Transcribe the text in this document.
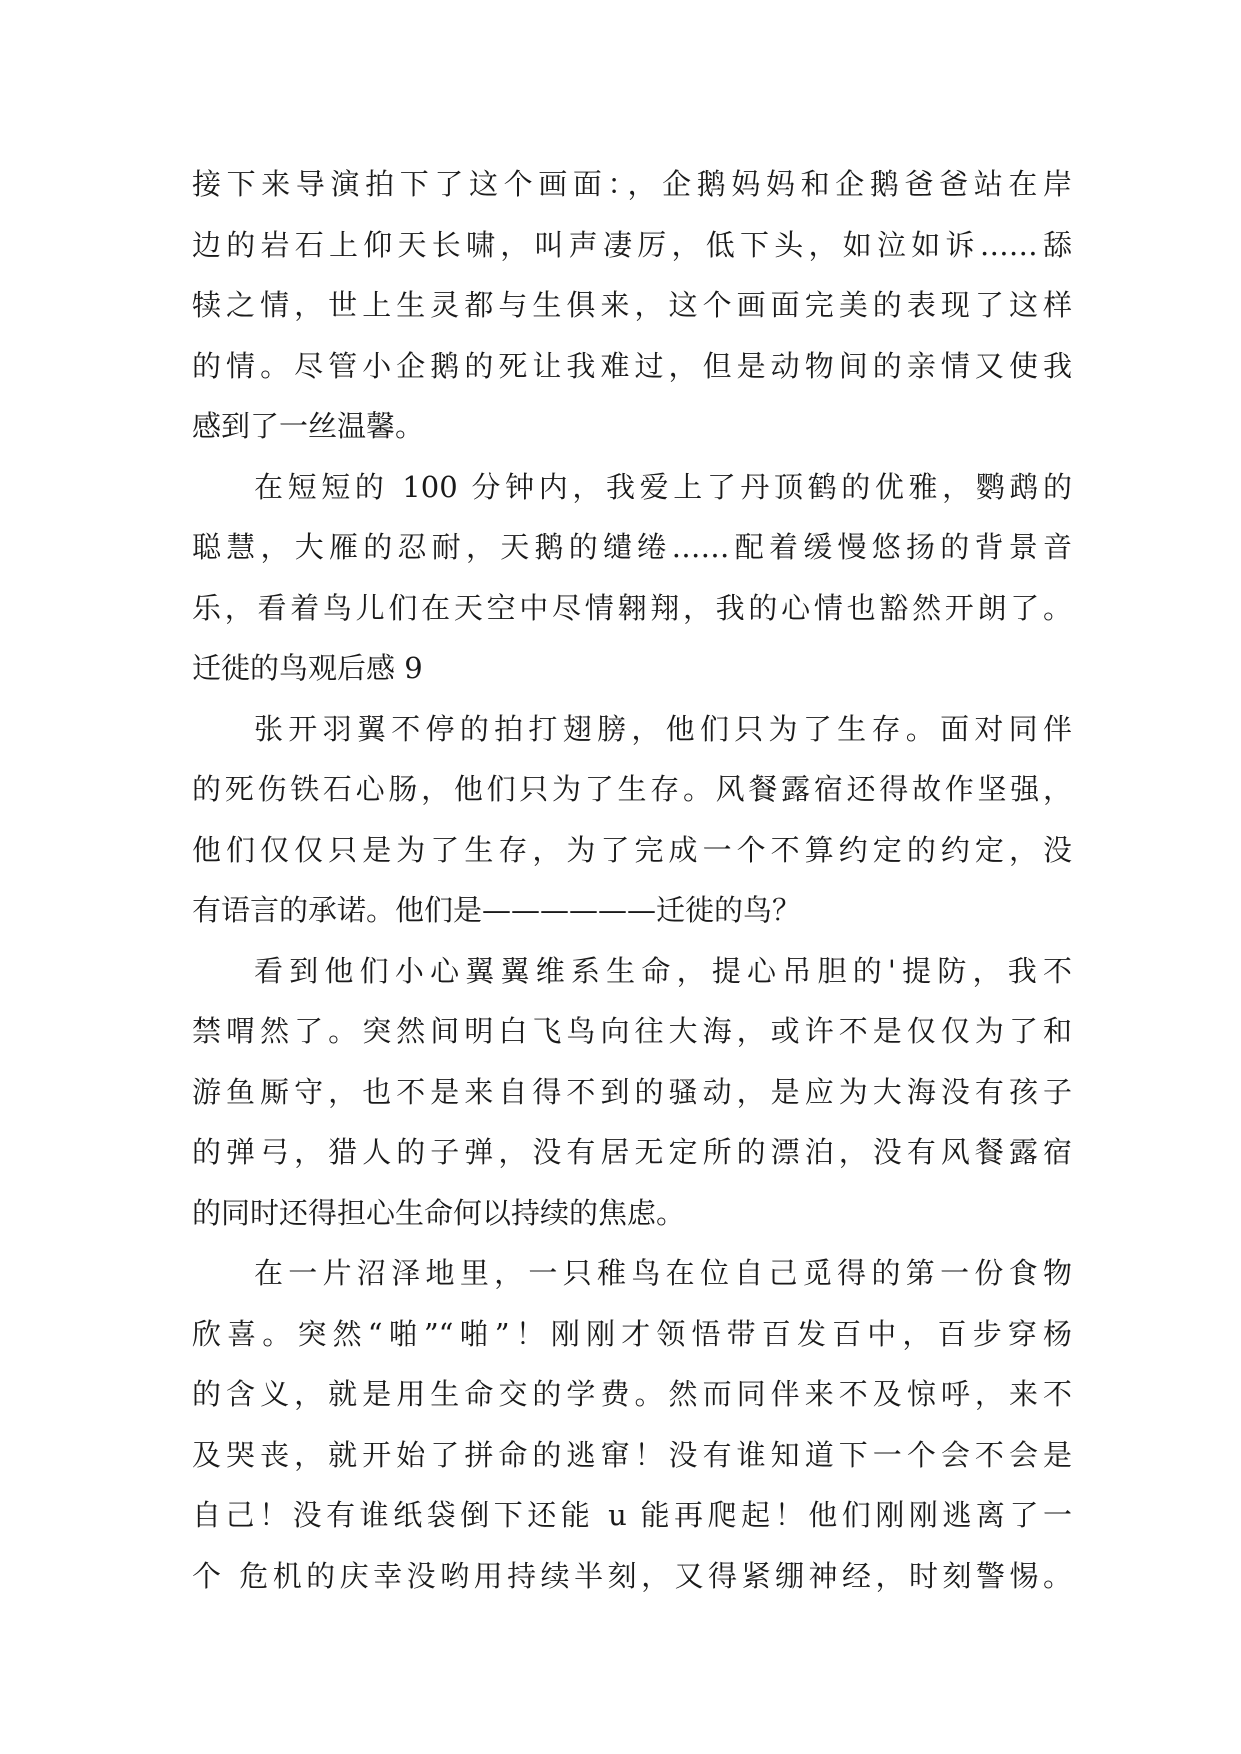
接下来导演拍下了这个画面：，企鹅妈妈和企鹅爸爸站在岸
边的岩石上仰天长啸，叫声凄厉，低下头，如泣如诉……舔
犊之情，世上生灵都与生俱来，这个画面完美的表现了这样
的情。尽管小企鹅的死让我难过，但是动物间的亲情又使我
感到了一丝温馨。

在短短的 100 分钟内，我爱上了丹顶鹤的优雅，鹦鹉的
聪慧，大雁的忍耐，天鹅的缱绻……配着缓慢悠扬的背景音
乐，看着鸟儿们在天空中尽情翱翔，我的心情也豁然开朗了。

迁徙的鸟观后感 9

张开羽翼不停的拍打翅膀，他们只为了生存。面对同伴
的死伤铁石心肠，他们只为了生存。风餐露宿还得故作坚强，
他们仅仅只是为了生存，为了完成一个不算约定的约定，没
有语言的承诺。他们是——————迁徙的鸟？

看到他们小心翼翼维系生命，提心吊胆的'提防，我不
禁喟然了。突然间明白飞鸟向往大海，或许不是仅仅为了和
游鱼厮守，也不是来自得不到的骚动，是应为大海没有孩子
的弹弓，猎人的子弹，没有居无定所的漂泊，没有风餐露宿
的同时还得担心生命何以持续的焦虑。

在一片沼泽地里，一只稚鸟在位自己觅得的第一份食物
欣喜。突然“啪”“啪”！刚刚才领悟带百发百中，百步穿杨
的含义，就是用生命交的学费。然而同伴来不及惊呼，来不
及哭丧，就开始了拼命的逃窜！没有谁知道下一个会不会是
自己！没有谁纸袋倒下还能 u 能再爬起！他们刚刚逃离了一
个 危机的庆幸没哟用持续半刻，又得紧绷神经，时刻警惕。
